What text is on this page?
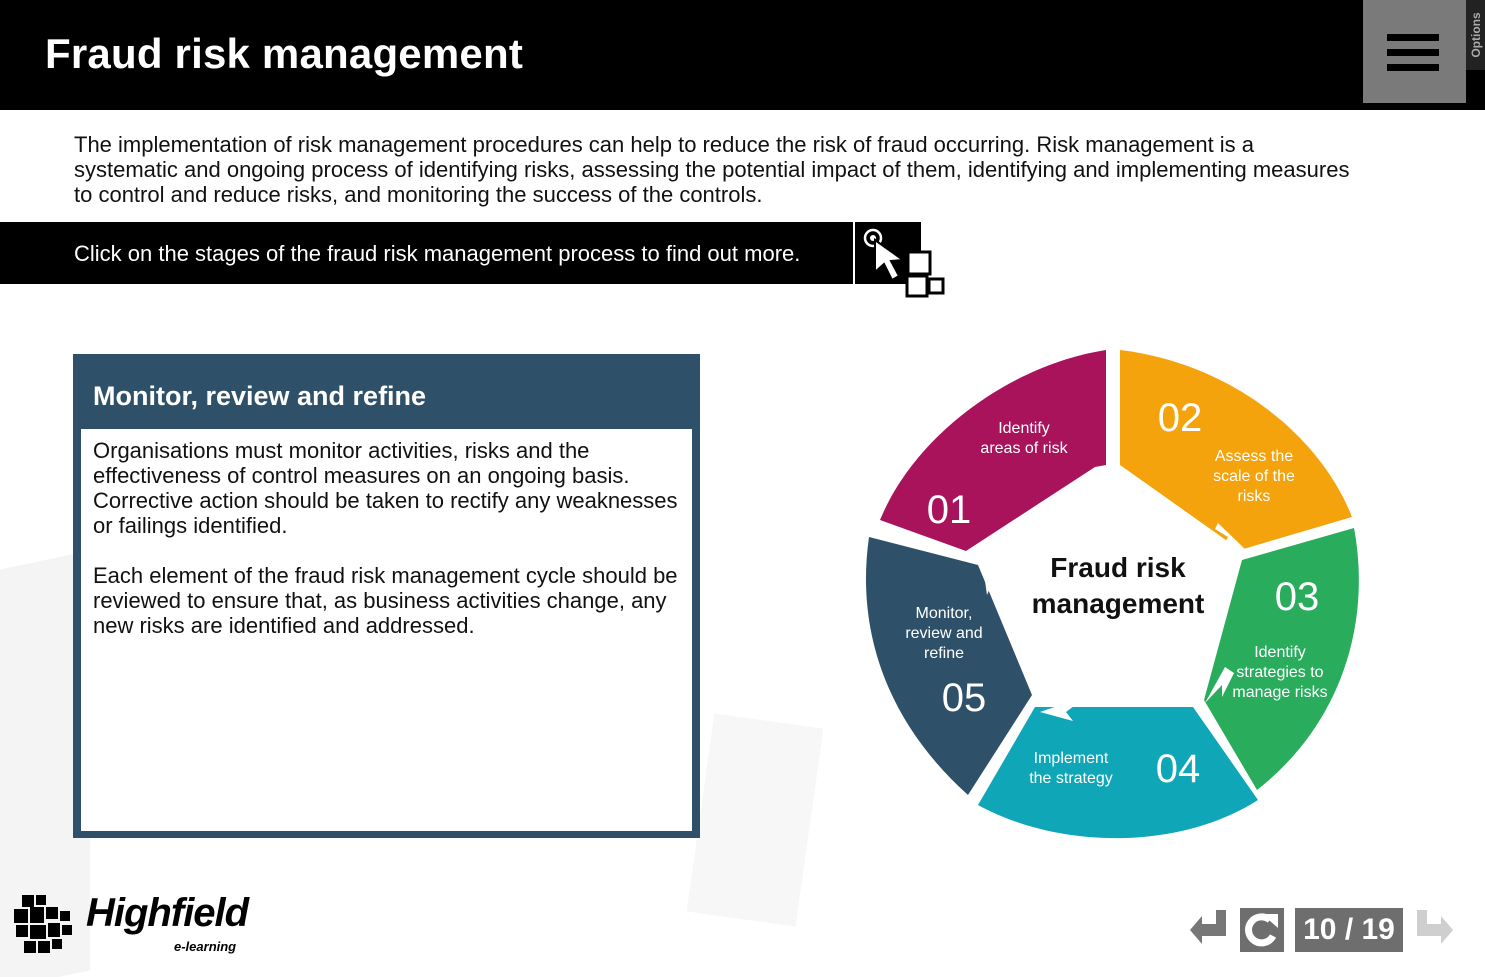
Fraud risk management	Options
The implementation of risk management procedures can help to reduce the risk of fraud occurring. Risk management is a systematic and ongoing process of identifying risks, assessing the potential impact of them, identifying and implementing measures to control and reduce risks, and monitoring the success of the controls.
Click on the stages of the fraud risk management process to find out more.
Monitor, review and refine

Organisations must monitor activities, risks and the effectiveness of control measures on an ongoing basis. Corrective action should be taken to rectify any weaknesses or failings identified.

Each element of the fraud risk management cycle should be reviewed to ensure that, as business activities change, any new risks are identified and addressed.

Identify
areas of risk
01
02
Assess the
scale of the
risks
03
Identify
strategies to
manage risks
Implement
the strategy 04
Monitor,
review and
refine
05
Fraud risk
management
Highfield
e-learning
10 / 19
